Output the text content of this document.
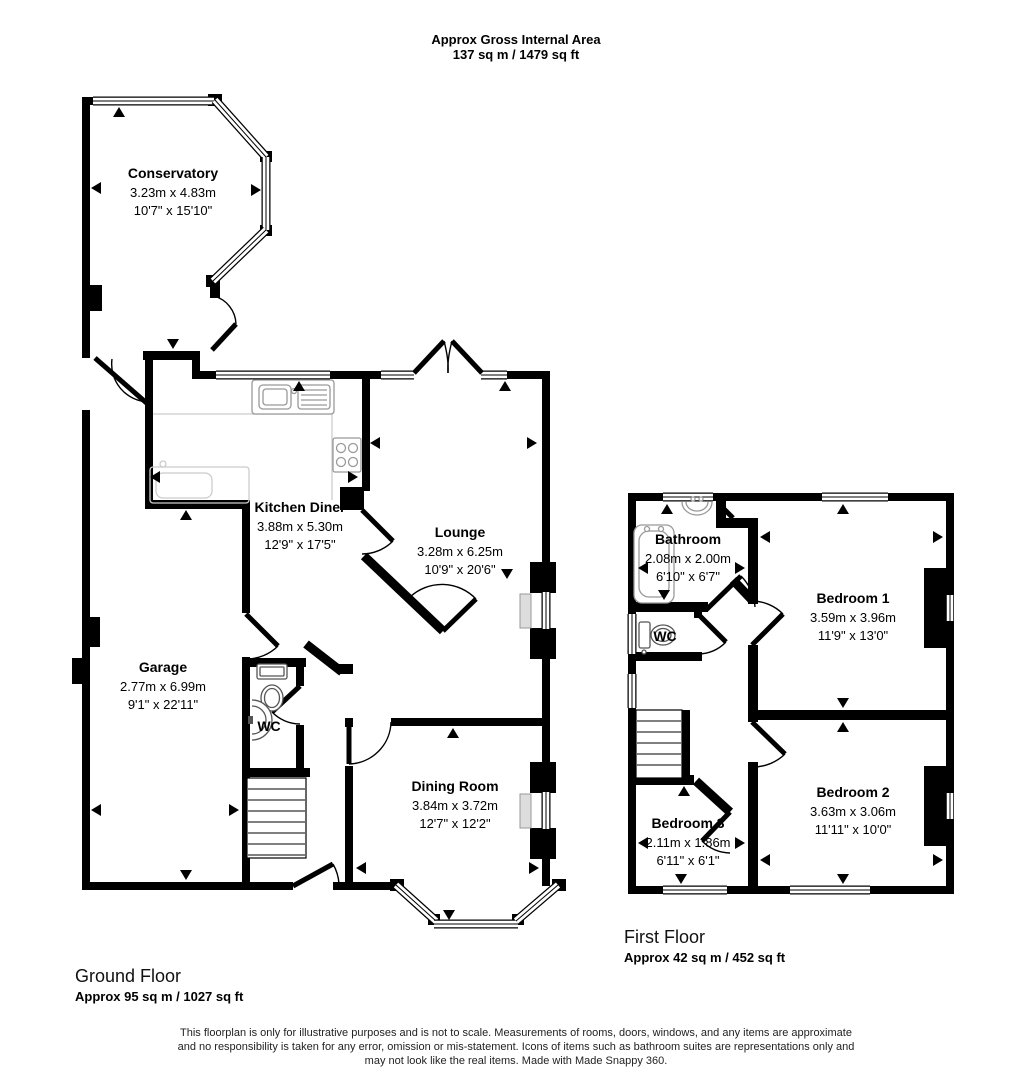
Approx Gross Internal Area
137 sq m / 1479 sq ft
Conservatory
3.23m x 4.83m
10'7" x 15'10"
Kitchen Diner
3.88m x 5.30m
12'9" x 17'5"
Lounge
3.28m x 6.25m
10'9" x 20'6"
Garage
2.77m x 6.99m
9'1" x 22'11"
WC
Dining Room
3.84m x 3.72m
12'7" x 12'2"
Bathroom
2.08m x 2.00m
6'10" x 6'7"
WC
Bedroom 1
3.59m x 3.96m
11'9" x 13'0"
Bedroom 2
3.63m x 3.06m
11'11" x 10'0"
Bedroom 3
2.11m x 1.86m
6'11" x 6'1"
Ground Floor
Approx 95 sq m / 1027 sq ft
First Floor
Approx 42 sq m / 452 sq ft
This floorplan is only for illustrative purposes and is not to scale. Measurements of rooms, doors, windows, and any items are approximate
and no responsibility is taken for any error, omission or mis-statement. Icons of items such as bathroom suites are representations only and
may not look like the real items. Made with Made Snappy 360.
